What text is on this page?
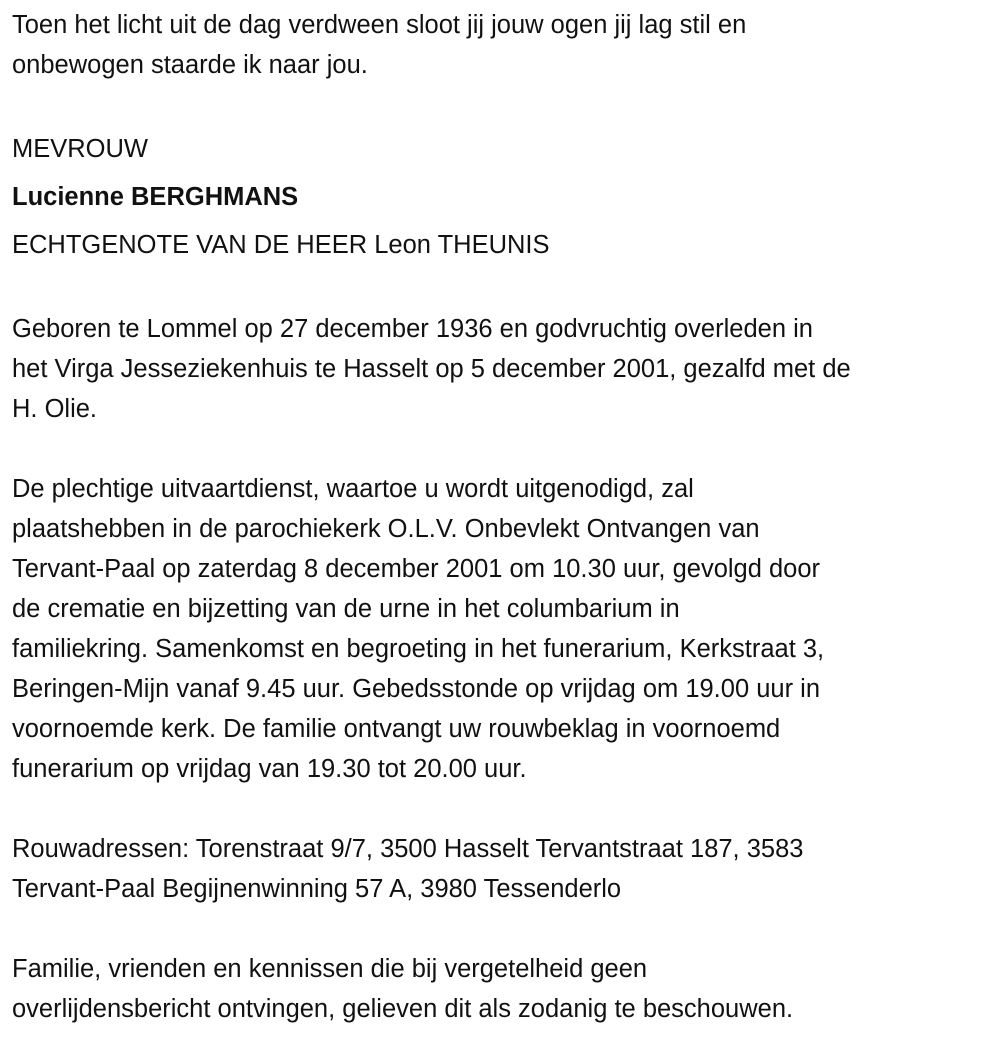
Toen het licht uit de dag verdween sloot jij jouw ogen jij lag stil en
onbewogen staarde ik naar jou.
MEVROUW
Lucienne BERGHMANS
ECHTGENOTE VAN DE HEER Leon THEUNIS
Geboren te Lommel op 27 december 1936 en godvruchtig overleden in
het Virga Jesseziekenhuis te Hasselt op 5 december 2001, gezalfd met de
H. Olie.
De plechtige uitvaartdienst, waartoe u wordt uitgenodigd, zal
plaatshebben in de parochiekerk O.L.V. Onbevlekt Ontvangen van
Tervant-Paal op zaterdag 8 december 2001 om 10.30 uur, gevolgd door
de crematie en bijzetting van de urne in het columbarium in
familiekring. Samenkomst en begroeting in het funerarium, Kerkstraat 3,
Beringen-Mijn vanaf 9.45 uur. Gebedsstonde op vrijdag om 19.00 uur in
voornoemde kerk. De familie ontvangt uw rouwbeklag in voornoemd
funerarium op vrijdag van 19.30 tot 20.00 uur.
Rouwadressen: Torenstraat 9/7, 3500 Hasselt Tervantstraat 187, 3583
Tervant-Paal Begijnenwinning 57 A, 3980 Tessenderlo
Familie, vrienden en kennissen die bij vergetelheid geen
overlijdensbericht ontvingen, gelieven dit als zodanig te beschouwen.
